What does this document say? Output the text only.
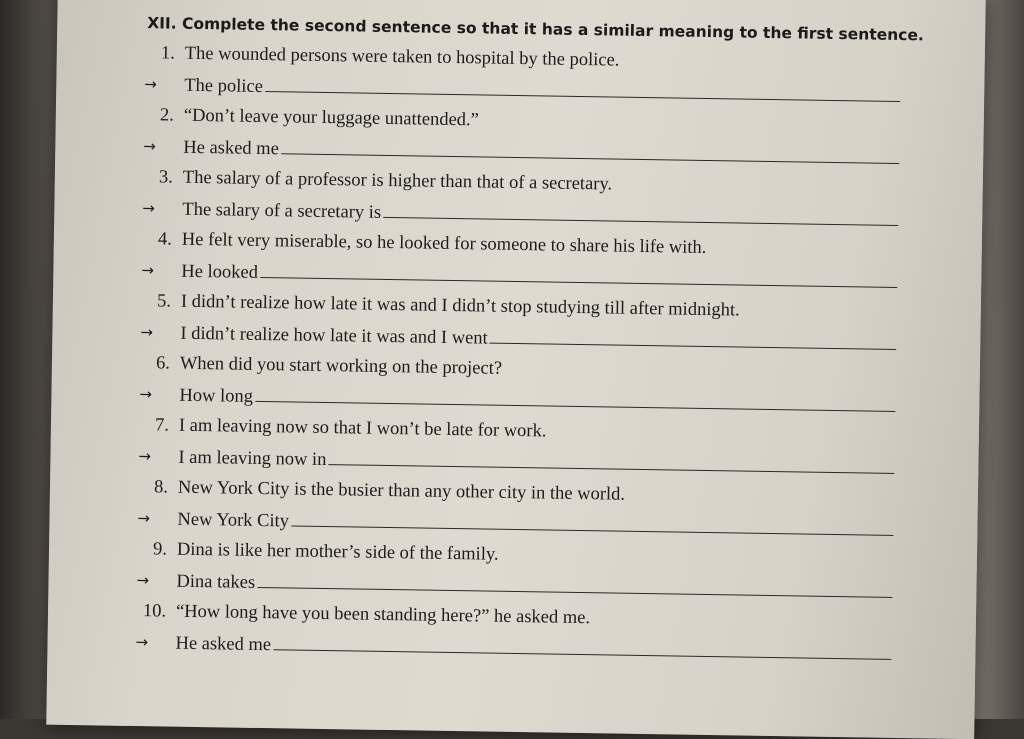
XII. Complete the second sentence so that it has a similar meaning to the first sentence.
1. The wounded persons were taken to hospital by the police.
→ The police
2. “Don’t leave your luggage unattended.”
→ He asked me
3. The salary of a professor is higher than that of a secretary.
→ The salary of a secretary is
4. He felt very miserable, so he looked for someone to share his life with.
→ He looked
5. I didn’t realize how late it was and I didn’t stop studying till after midnight.
→ I didn’t realize how late it was and I went
6. When did you start working on the project?
→ How long
7. I am leaving now so that I won’t be late for work.
→ I am leaving now in
8. New York City is the busier than any other city in the world.
→ New York City
9. Dina is like her mother’s side of the family.
→ Dina takes
10. “How long have you been standing here?” he asked me.
→ He asked me
